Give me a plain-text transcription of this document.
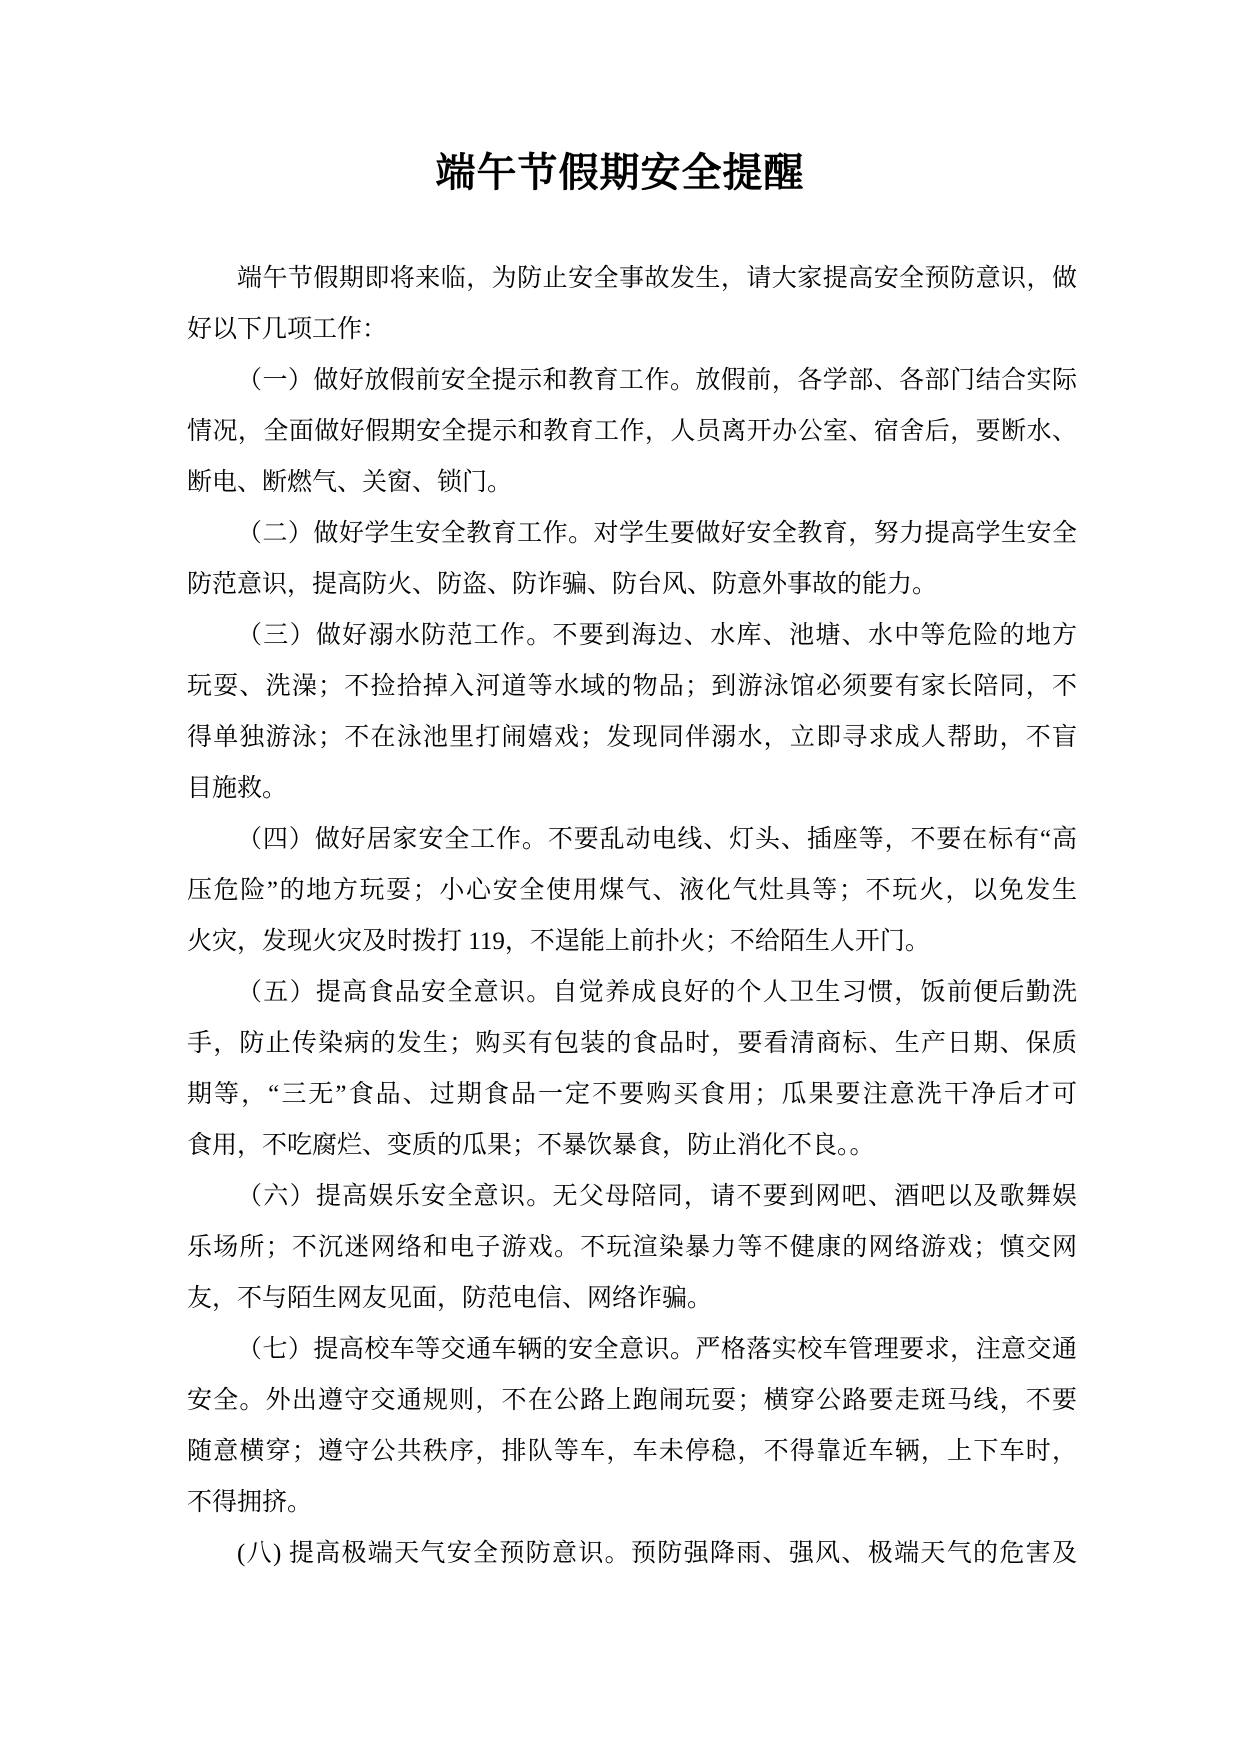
端午节假期安全提醒
端午节假期即将来临，为防止安全事故发生，请大家提高安全预防意识，做
好以下几项工作：
（一）做好放假前安全提示和教育工作。放假前，各学部、各部门结合实际
情况，全面做好假期安全提示和教育工作，人员离开办公室、宿舍后，要断水、
断电、断燃气、关窗、锁门。
（二）做好学生安全教育工作。对学生要做好安全教育，努力提高学生安全
防范意识，提高防火、防盗、防诈骗、防台风、防意外事故的能力。
（三）做好溺水防范工作。不要到海边、水库、池塘、水中等危险的地方
玩耍、洗澡；不捡拾掉入河道等水域的物品；到游泳馆必须要有家长陪同，不
得单独游泳；不在泳池里打闹嬉戏；发现同伴溺水，立即寻求成人帮助，不盲
目施救。
（四）做好居家安全工作。不要乱动电线、灯头、插座等，不要在标有“高
压危险”的地方玩耍；小心安全使用煤气、液化气灶具等；不玩火，以免发生
火灾，发现火灾及时拨打 119，不逞能上前扑火；不给陌生人开门。
（五）提高食品安全意识。自觉养成良好的个人卫生习惯，饭前便后勤洗
手，防止传染病的发生；购买有包装的食品时，要看清商标、生产日期、保质
期等，“三无”食品、过期食品一定不要购买食用；瓜果要注意洗干净后才可
食用，不吃腐烂、变质的瓜果；不暴饮暴食，防止消化不良。。
（六）提高娱乐安全意识。无父母陪同，请不要到网吧、酒吧以及歌舞娱
乐场所；不沉迷网络和电子游戏。不玩渲染暴力等不健康的网络游戏；慎交网
友，不与陌生网友见面，防范电信、网络诈骗。
（七）提高校车等交通车辆的安全意识。严格落实校车管理要求，注意交通
安全。外出遵守交通规则，不在公路上跑闹玩耍；横穿公路要走斑马线，不要
随意横穿；遵守公共秩序，排队等车，车未停稳，不得靠近车辆，上下车时，
不得拥挤。
(八) 提高极端天气安全预防意识。预防强降雨、强风、极端天气的危害及
